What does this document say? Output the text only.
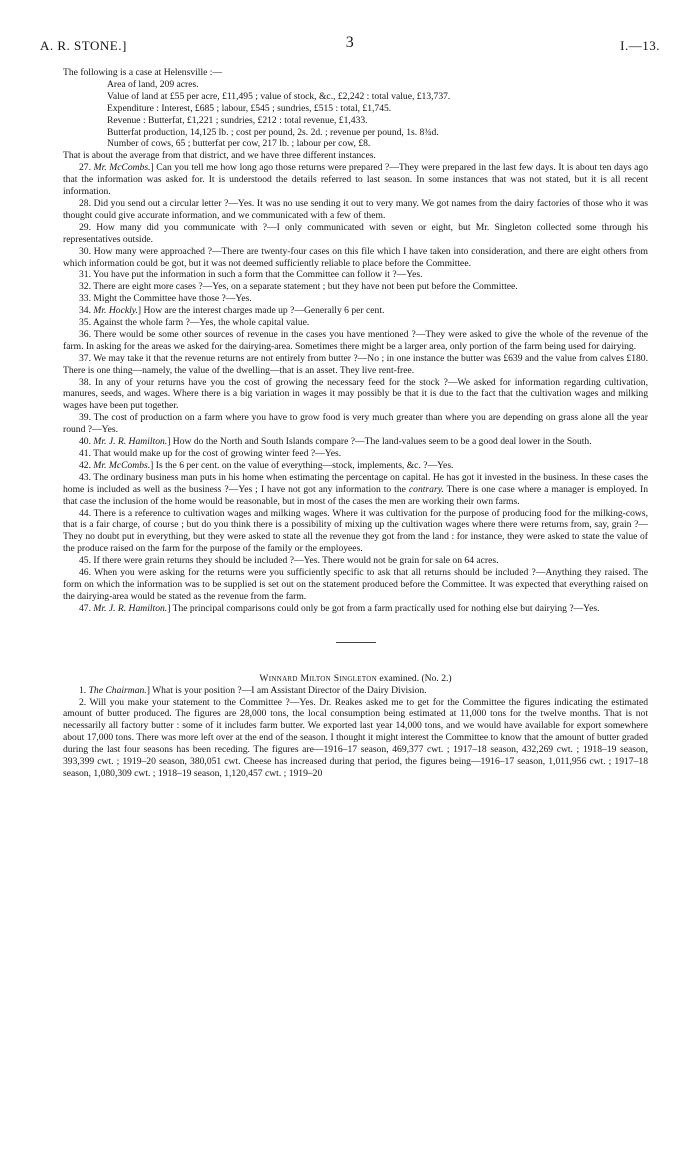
A. R. STONE.]	3	I.—13.

The following is a case at Helensville :—

Area of land, 209 acres.

Value of land at £55 per acre, £11,495 ; value of stock, &c., £2,242 : total value, £13,737.

Expenditure : Interest, £685 ; labour, £545 ; sundries, £515 : total, £1,745.

Revenue : Butterfat, £1,221 ; sundries, £212 : total revenue, £1,433.

Butterfat production, 14,125 lb. ; cost per pound, 2s. 2d. ; revenue per pound, 1s. 8¾d.

Number of cows, 65 ; butterfat per cow, 217 lb. ; labour per cow, £8.

That is about the average from that district, and we have three different instances.

27. Mr. McCombs.] Can you tell me how long ago those returns were prepared ?—They were prepared in the last few days. It is about ten days ago that the information was asked for. It is understood the details referred to last season. In some instances that was not stated, but it is all recent information.

28. Did you send out a circular letter ?—Yes. It was no use sending it out to very many. We got names from the dairy factories of those who it was thought could give accurate information, and we communicated with a few of them.

29. How many did you communicate with ?—I only communicated with seven or eight, but Mr. Singleton collected some through his representatives outside.

30. How many were approached ?—There are twenty-four cases on this file which I have taken into consideration, and there are eight others from which information could be got, but it was not deemed sufficiently reliable to place before the Committee.

31. You have put the information in such a form that the Committee can follow it ?—Yes.

32. There are eight more cases ?—Yes, on a separate statement ; but they have not been put before the Committee.

33. Might the Committee have those ?—Yes.

34. Mr. Hockly.] How are the interest charges made up ?—Generally 6 per cent.

35. Against the whole farm ?—Yes, the whole capital value.

36. There would be some other sources of revenue in the cases you have mentioned ?—They were asked to give the whole of the revenue of the farm. In asking for the areas we asked for the dairying-area. Sometimes there might be a larger area, only portion of the farm being used for dairying.

37. We may take it that the revenue returns are not entirely from butter ?—No ; in one instance the butter was £639 and the value from calves £180. There is one thing—namely, the value of the dwelling—that is an asset. They live rent-free.

38. In any of your returns have you the cost of growing the necessary feed for the stock ?—We asked for information regarding cultivation, manures, seeds, and wages. Where there is a big variation in wages it may possibly be that it is due to the fact that the cultivation wages and milking wages have been put together.

39. The cost of production on a farm where you have to grow food is very much greater than where you are depending on grass alone all the year round ?—Yes.

40. Mr. J. R. Hamilton.] How do the North and South Islands compare ?—The land-values seem to be a good deal lower in the South.

41. That would make up for the cost of growing winter feed ?—Yes.

42. Mr. McCombs.] Is the 6 per cent. on the value of everything—stock, implements, &c. ?—Yes.

43. The ordinary business man puts in his home when estimating the percentage on capital. He has got it invested in the business. In these cases the home is included as well as the business ?—Yes ; I have not got any information to the contrary. There is one case where a manager is employed. In that case the inclusion of the home would be reasonable, but in most of the cases the men are working their own farms.

44. There is a reference to cultivation wages and milking wages. Where it was cultivation for the purpose of producing food for the milking-cows, that is a fair charge, of course ; but do you think there is a possibility of mixing up the cultivation wages where there were returns from, say, grain ?—They no doubt put in everything, but they were asked to state all the revenue they got from the land : for instance, they were asked to state the value of the produce raised on the farm for the purpose of the family or the employees.

45. If there were grain returns they should be included ?—Yes. There would not be grain for sale on 64 acres.

46. When you were asking for the returns were you sufficiently specific to ask that all returns should be included ?—Anything they raised. The form on which the information was to be supplied is set out on the statement produced before the Committee. It was expected that everything raised on the dairying-area would be stated as the revenue from the farm.

47. Mr. J. R. Hamilton.] The principal comparisons could only be got from a farm practically used for nothing else but dairying ?—Yes.

Winnard Milton Singleton examined. (No. 2.)

1. The Chairman.] What is your position ?—I am Assistant Director of the Dairy Division.

2. Will you make your statement to the Committee ?—Yes. Dr. Reakes asked me to get for the Committee the figures indicating the estimated amount of butter produced. The figures are 28,000 tons, the local consumption being estimated at 11,000 tons for the twelve months. That is not necessarily all factory butter : some of it includes farm butter. We exported last year 14,000 tons, and we would have available for export somewhere about 17,000 tons. There was more left over at the end of the season. I thought it might interest the Committee to know that the amount of butter graded during the last four seasons has been receding. The figures are—1916–17 season, 469,377 cwt. ; 1917–18 season, 432,269 cwt. ; 1918–19 season, 393,399 cwt. ; 1919–20 season, 380,051 cwt. Cheese has increased during that period, the figures being—1916–17 season, 1,011,956 cwt. ; 1917–18 season, 1,080,309 cwt. ; 1918–19 season, 1,120,457 cwt. ; 1919–20
